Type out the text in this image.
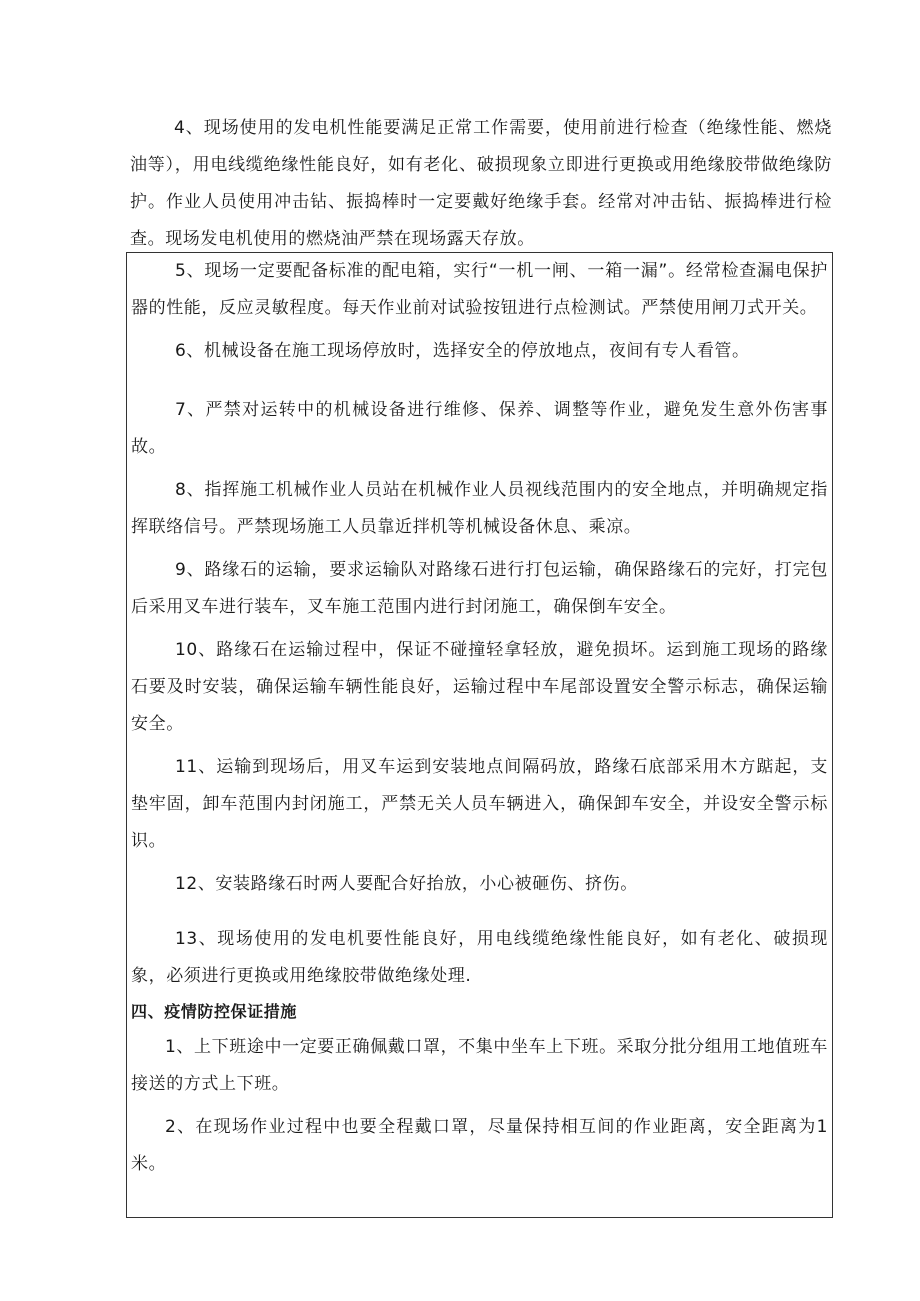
4、现场使用的发电机性能要满足正常工作需要，使用前进行检查（绝缘性能、燃烧油等），用电线缆绝缘性能良好，如有老化、破损现象立即进行更换或用绝缘胶带做绝缘防护。作业人员使用冲击钻、振捣棒时一定要戴好绝缘手套。经常对冲击钻、振捣棒进行检查。现场发电机使用的燃烧油严禁在现场露天存放。

5、现场一定要配备标准的配电箱，实行“一机一闸、一箱一漏”。经常检查漏电保护器的性能，反应灵敏程度。每天作业前对试验按钮进行点检测试。严禁使用闸刀式开关。

6、机械设备在施工现场停放时，选择安全的停放地点，夜间有专人看管。

7、严禁对运转中的机械设备进行维修、保养、调整等作业，避免发生意外伤害事故。

8、指挥施工机械作业人员站在机械作业人员视线范围内的安全地点，并明确规定指挥联络信号。严禁现场施工人员靠近拌机等机械设备休息、乘凉。

9、路缘石的运输，要求运输队对路缘石进行打包运输，确保路缘石的完好，打完包后采用叉车进行装车，叉车施工范围内进行封闭施工，确保倒车安全。

10、路缘石在运输过程中，保证不碰撞轻拿轻放，避免损坏。运到施工现场的路缘石要及时安装，确保运输车辆性能良好，运输过程中车尾部设置安全警示标志，确保运输安全。

11、运输到现场后，用叉车运到安装地点间隔码放，路缘石底部采用木方踮起，支垫牢固，卸车范围内封闭施工，严禁无关人员车辆进入，确保卸车安全，并设安全警示标识。

12、安装路缘石时两人要配合好抬放，小心被砸伤、挤伤。

13、现场使用的发电机要性能良好，用电线缆绝缘性能良好，如有老化、破损现象，必须进行更换或用绝缘胶带做绝缘处理.

四、疫情防控保证措施

1、上下班途中一定要正确佩戴口罩，不集中坐车上下班。采取分批分组用工地值班车接送的方式上下班。

2、在现场作业过程中也要全程戴口罩，尽量保持相互间的作业距离，安全距离为1米。
